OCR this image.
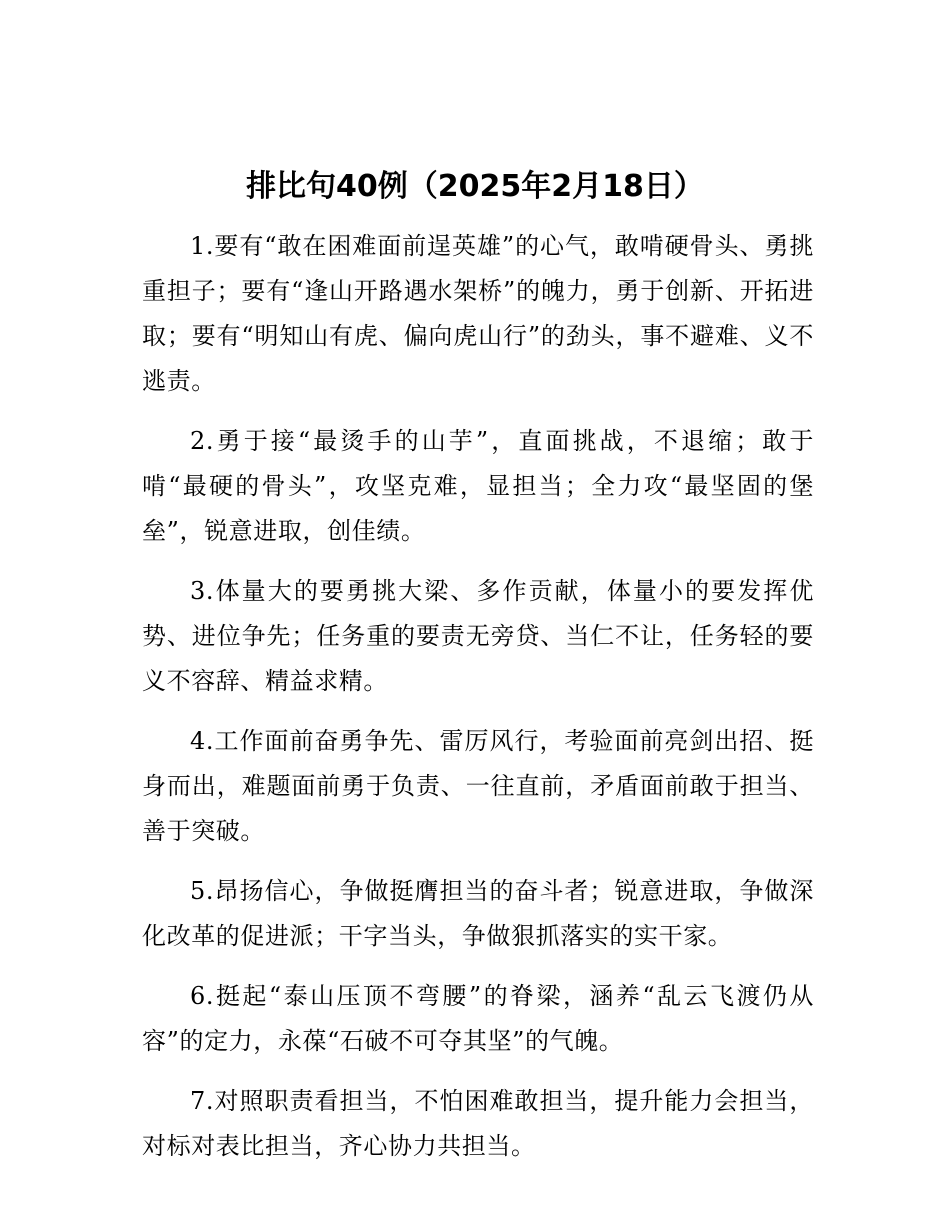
排比句40例（2025年2月18日）

1.要有“敢在困难面前逞英雄”的心气，敢啃硬骨头、勇挑重担子；要有“逢山开路遇水架桥”的魄力，勇于创新、开拓进取；要有“明知山有虎、偏向虎山行”的劲头，事不避难、义不逃责。

2.勇于接“最烫手的山芋”，直面挑战，不退缩；敢于啃“最硬的骨头”，攻坚克难，显担当；全力攻“最坚固的堡垒”，锐意进取，创佳绩。

3.体量大的要勇挑大梁、多作贡献，体量小的要发挥优势、进位争先；任务重的要责无旁贷、当仁不让，任务轻的要义不容辞、精益求精。

4.工作面前奋勇争先、雷厉风行，考验面前亮剑出招、挺身而出，难题面前勇于负责、一往直前，矛盾面前敢于担当、善于突破。

5.昂扬信心，争做挺膺担当的奋斗者；锐意进取，争做深化改革的促进派；干字当头，争做狠抓落实的实干家。

6.挺起“泰山压顶不弯腰”的脊梁，涵养“乱云飞渡仍从容”的定力，永葆“石破不可夺其坚”的气魄。

7.对照职责看担当，不怕困难敢担当，提升能力会担当，对标对表比担当，齐心协力共担当。
